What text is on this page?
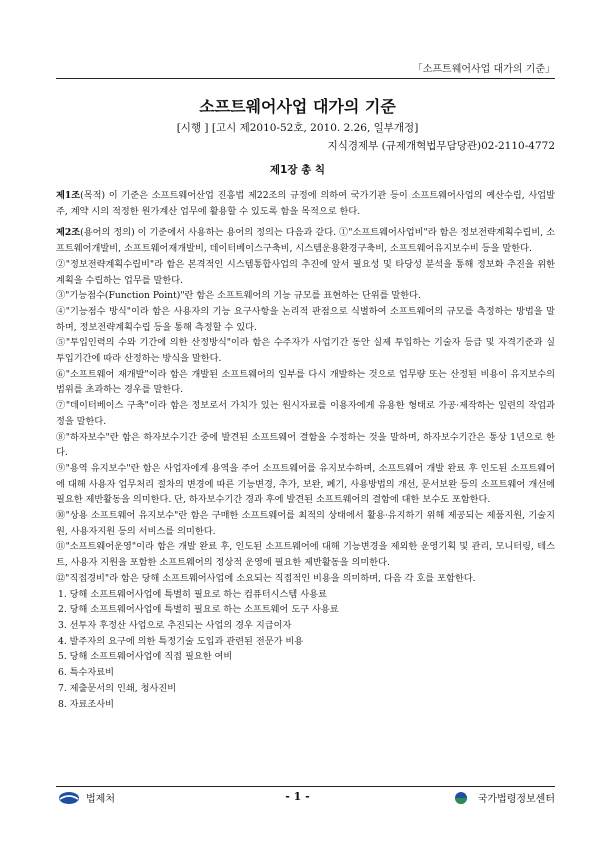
「소프트웨어사업 대가의 기준」
소프트웨어사업 대가의 기준
[시행 ] [고시 제2010-52호, 2010. 2.26, 일부개정]
지식경제부 (규제개혁법무담당관)02-2110-4772
제1장 총 칙

제1조(목적) 이 기준은 소프트웨어산업 진흥법 제22조의 규정에 의하여 국가기관 등이 소프트웨어사업의 예산수립, 사업발주, 계약 시의 적정한 원가계산 업무에 활용할 수 있도록 함을 목적으로 한다.

제2조(용어의 정의) 이 기준에서 사용하는 용어의 정의는 다음과 같다. ①"소프트웨어사업비"라 함은 정보전략계획수립비, 소프트웨어개발비, 소프트웨어재개발비, 데이터베이스구축비, 시스템운용환경구축비, 소프트웨어유지보수비 등을 말한다.

②"정보전략계획수립비"라 함은 본격적인 시스템통합사업의 추진에 앞서 필요성 및 타당성 분석을 통해 정보화 추진을 위한 계획을 수립하는 업무를 말한다.

③"기능점수(Function Point)"란 함은 소프트웨어의 기능 규모를 표현하는 단위를 말한다.

④"기능점수 방식"이라 함은 사용자의 기능 요구사항을 논리적 판점으로 식별하여 소프트웨어의 규모를 측정하는 방법을 말하며, 정보전략계획수립 등을 통해 측정할 수 있다.

⑤"투입인력의 수와 기간에 의한 산정방식"이라 함은 수주자가 사업기간 동안 실제 투입하는 기술자 등급 및 자격기준과 실 투입기간에 따라 산정하는 방식을 말한다.

⑥"소프트웨어 재개발"이라 함은 개발된 소프트웨어의 일부를 다시 개발하는 것으로 업무량 또는 산정된 비용이 유지보수의 범위를 초과하는 경우를 말한다.

⑦"데이터베이스 구축"이라 함은 정보로서 가치가 있는 원시자료를 이용자에게 유용한 형태로 가공·제작하는 일련의 작업과정을 말한다.

⑧"하자보수"란 함은 하자보수기간 중에 발견된 소프트웨어 결함을 수정하는 것을 말하며, 하자보수기간은 통상 1년으로 한다.

⑨"용역 유지보수"란 함은 사업자에게 용역을 주어 소프트웨어를 유지보수하며, 소프트웨어 개발 완료 후 인도된 소프트웨어에 대해 사용자 업무처리 절차의 변경에 따른 기능변경, 추가, 보완, 폐기, 사용방법의 개선, 문서보완 등의 소프트웨어 개선에 필요한 제반활동을 의미한다. 단, 하자보수기간 경과 후에 발견된 소프트웨어의 결함에 대한 보수도 포함한다.

⑩"상용 소프트웨어 유지보수"란 함은 구매한 소프트웨어를 최적의 상태에서 활용·유지하기 위해 제공되는 제품지원, 기술지원, 사용자지원 등의 서비스를 의미한다.

⑪"소프트웨어운영"이라 함은 개발 완료 후, 인도된 소프트웨어에 대해 기능변경을 제외한 운영기획 및 관리, 모니터링, 테스트, 사용자 지원을 포함한 소프트웨어의 정상적 운영에 필요한 제반활동을 의미한다.

⑫"직접경비"라 함은 당해 소프트웨어사업에 소요되는 직접적인 비용을 의미하며, 다음 각 호를 포함한다.

1. 당해 소프트웨어사업에 특별히 필요로 하는 컴퓨터시스템 사용료

2. 당해 소프트웨어사업에 특별히 필요로 하는 소프트웨어 도구 사용료

3. 선투자 후정산 사업으로 추진되는 사업의 경우 지급이자

4. 발주자의 요구에 의한 특정기술 도입과 관련된 전문가 비용

5. 당해 소프트웨어사업에 직접 필요한 여비

6. 특수자료비

7. 제출문서의 인쇄, 청사진비

8. 자료조사비

법제처	- 1 -	국가법령정보센터
